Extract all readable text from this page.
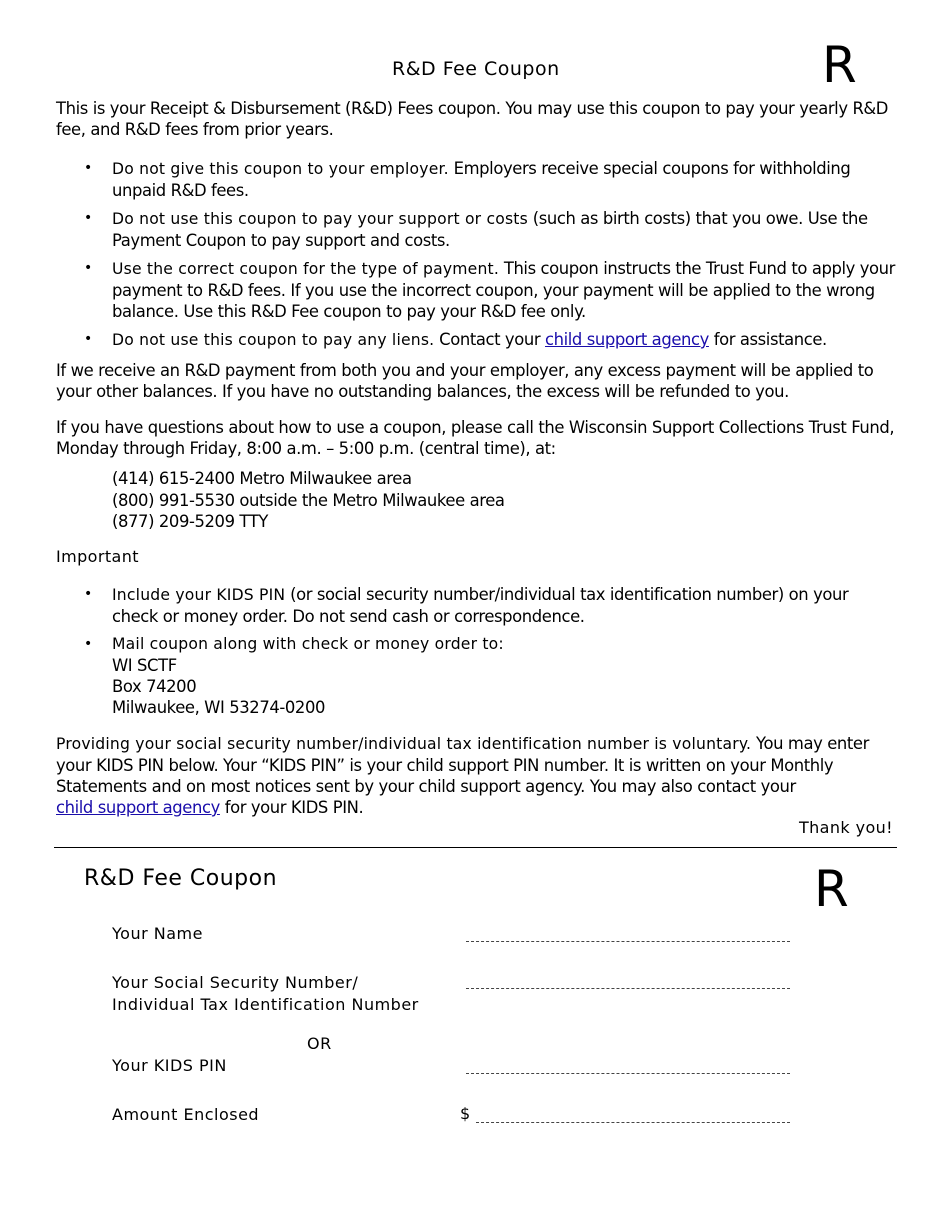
R&D Fee Coupon	R
This is your Receipt & Disbursement (R&D) Fees coupon. You may use this coupon to pay your yearly R&D fee, and R&D fees from prior years.
• Do not give this coupon to your employer. Employers receive special coupons for withholding unpaid R&D fees.
• Do not use this coupon to pay your support or costs (such as birth costs) that you owe. Use the Payment Coupon to pay support and costs.
• Use the correct coupon for the type of payment. This coupon instructs the Trust Fund to apply your payment to R&D fees. If you use the incorrect coupon, your payment will be applied to the wrong balance. Use this R&D Fee coupon to pay your R&D fee only.
• Do not use this coupon to pay any liens. Contact your child support agency for assistance.
If we receive an R&D payment from both you and your employer, any excess payment will be applied to your other balances. If you have no outstanding balances, the excess will be refunded to you.
If you have questions about how to use a coupon, please call the Wisconsin Support Collections Trust Fund, Monday through Friday, 8:00 a.m. – 5:00 p.m. (central time), at:
(414) 615-2400 Metro Milwaukee area
(800) 991-5530 outside the Metro Milwaukee area
(877) 209-5209 TTY
Important
• Include your KIDS PIN (or social security number/individual tax identification number) on your check or money order. Do not send cash or correspondence.
• Mail coupon along with check or money order to:
WI SCTF
Box 74200
Milwaukee, WI 53274-0200
Providing your social security number/individual tax identification number is voluntary. You may enter your KIDS PIN below. Your “KIDS PIN” is your child support PIN number. It is written on your Monthly Statements and on most notices sent by your child support agency. You may also contact your
child support agency for your KIDS PIN.
Thank you!
R&D Fee Coupon	R
Your Name
Your Social Security Number/
Individual Tax Identification Number
OR
Your KIDS PIN
Amount Enclosed	$
